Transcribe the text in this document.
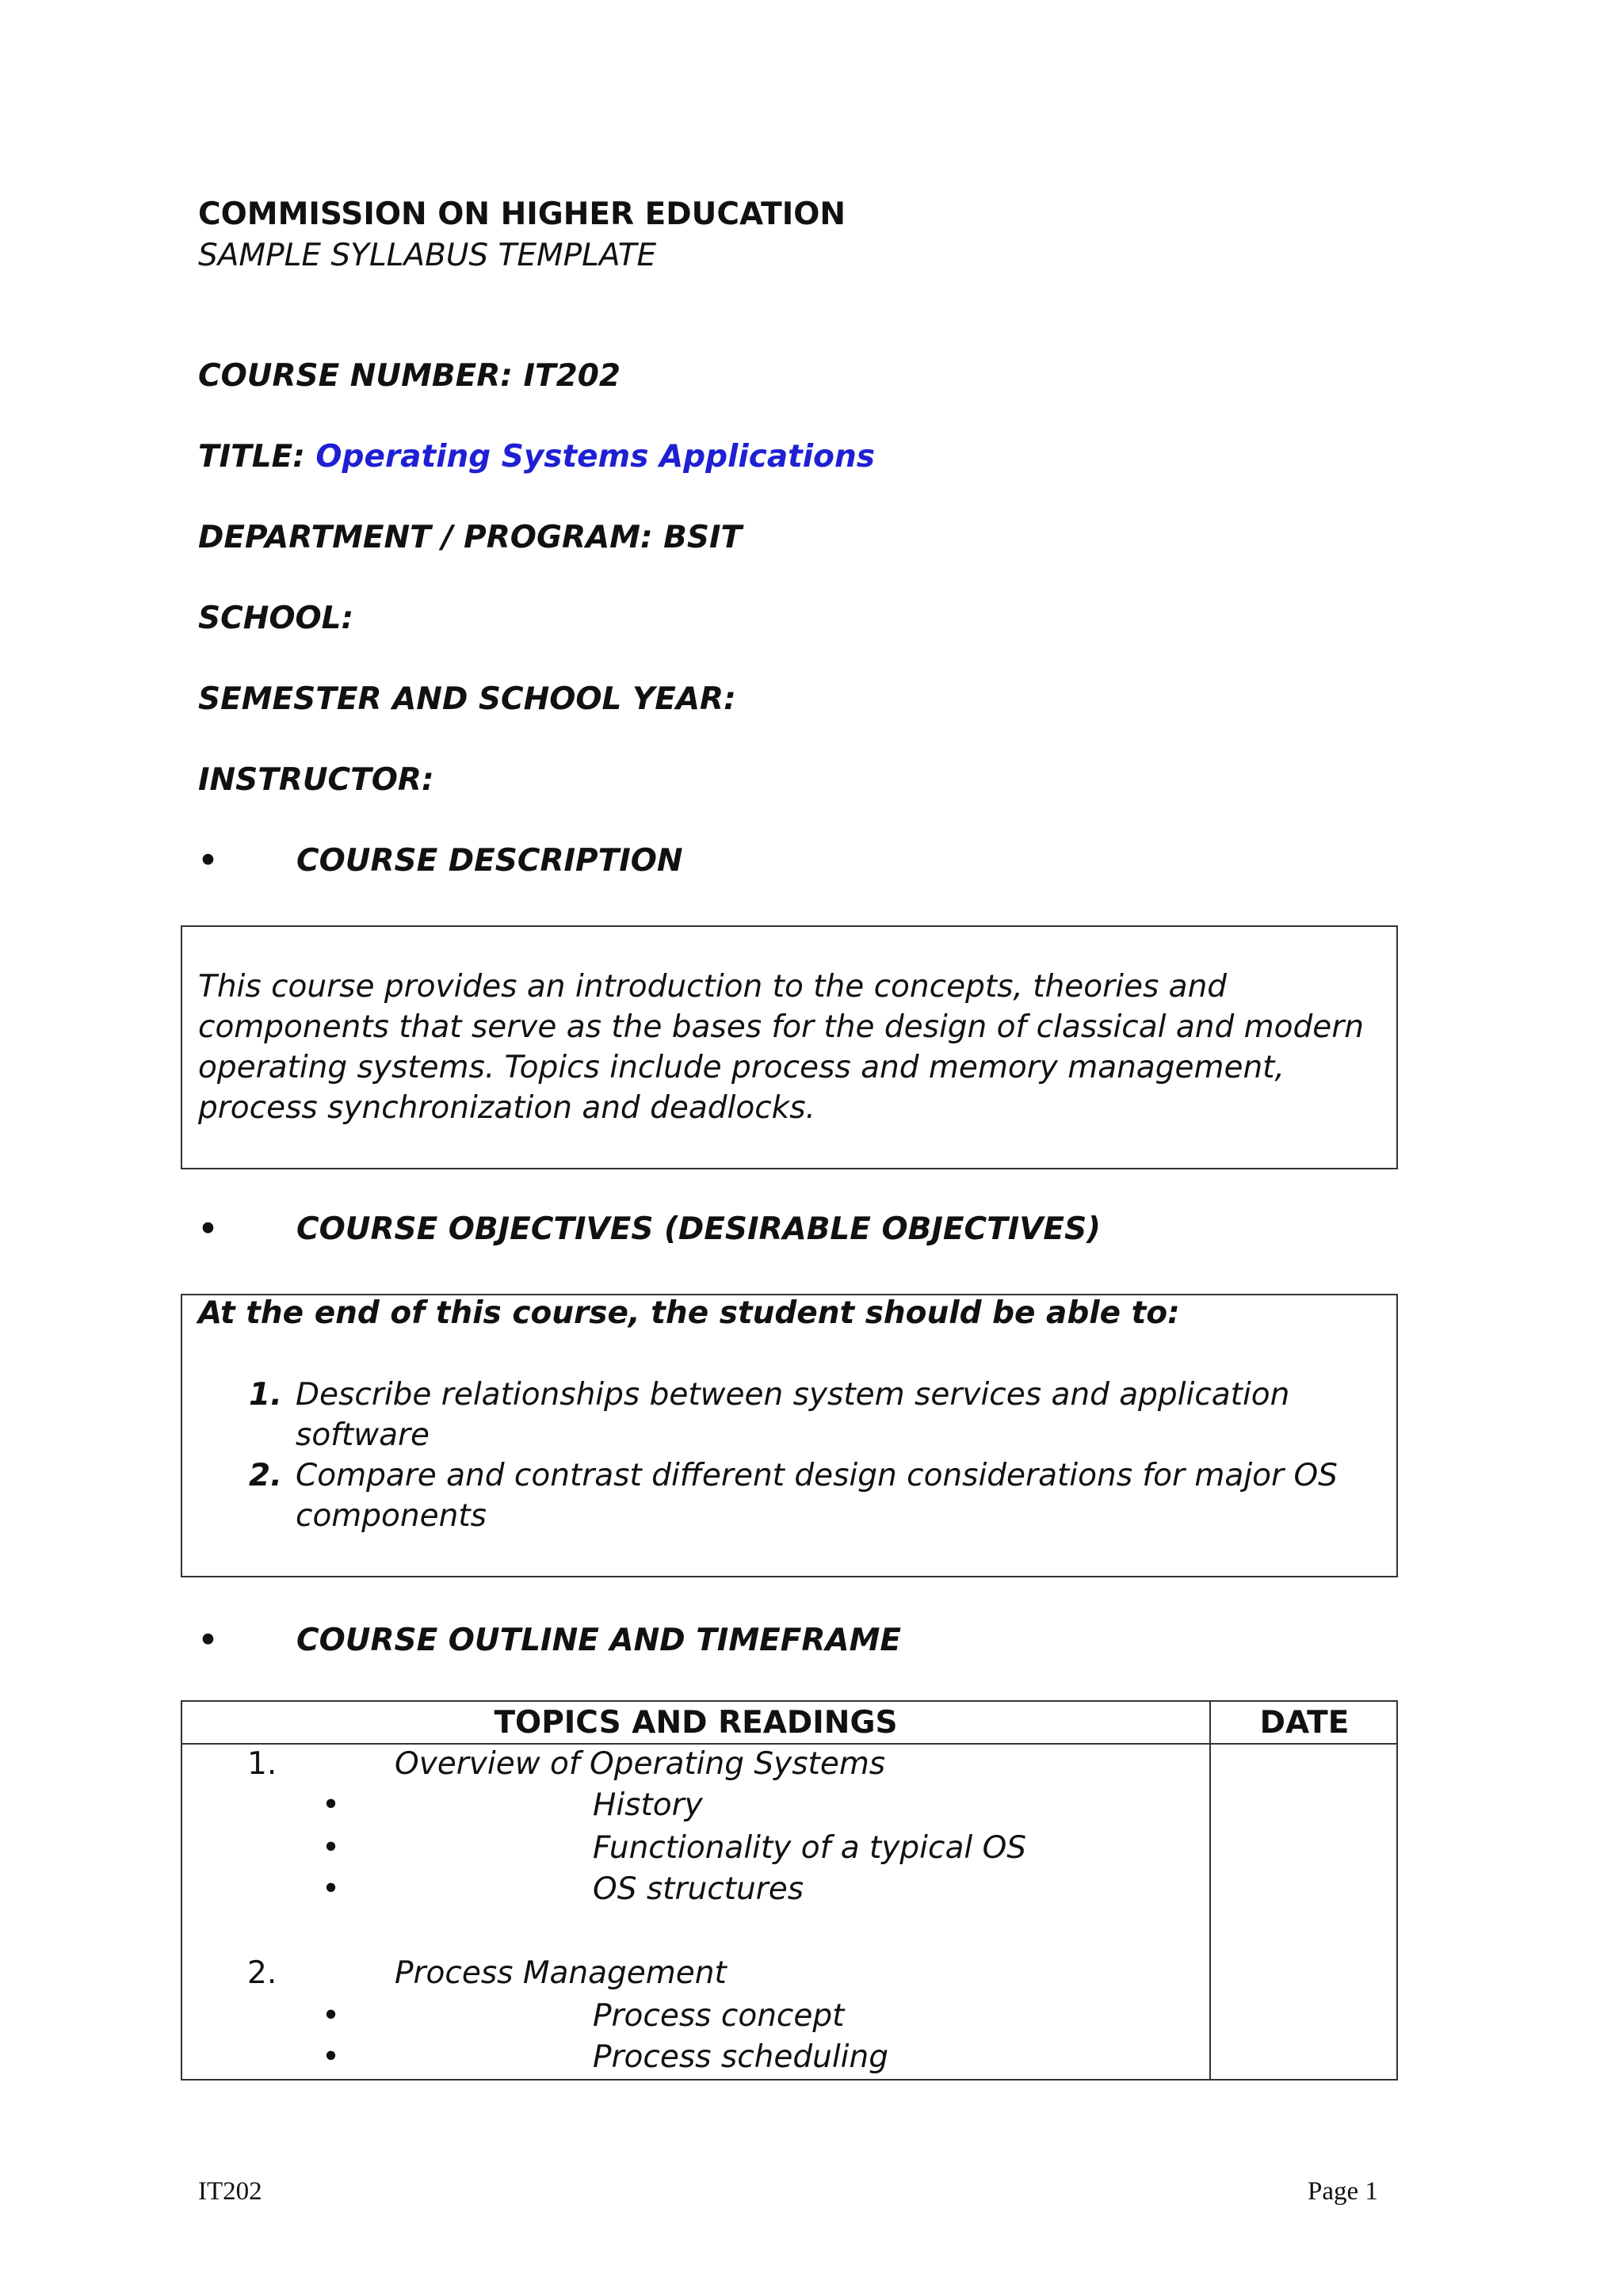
COMMISSION ON HIGHER EDUCATION
SAMPLE SYLLABUS TEMPLATE
COURSE NUMBER: IT202
TITLE: Operating Systems Applications
DEPARTMENT / PROGRAM: BSIT
SCHOOL:
SEMESTER AND SCHOOL YEAR:
INSTRUCTOR:
•	COURSE DESCRIPTION
This course provides an introduction to the concepts, theories and components that serve as the bases for the design of classical and modern operating systems. Topics include process and memory management, process synchronization and deadlocks.
•	COURSE OBJECTIVES (DESIRABLE OBJECTIVES)
At the end of this course, the student should be able to:
1. Describe relationships between system services and application software
2. Compare and contrast different design considerations for major OS components
•	COURSE OUTLINE AND TIMEFRAME
TOPICS AND READINGS	DATE
1.	Overview of Operating Systems
•	History
•	Functionality of a typical OS
•	OS structures
2.	Process Management
•	Process concept
•	Process scheduling
IT202	Page 1
